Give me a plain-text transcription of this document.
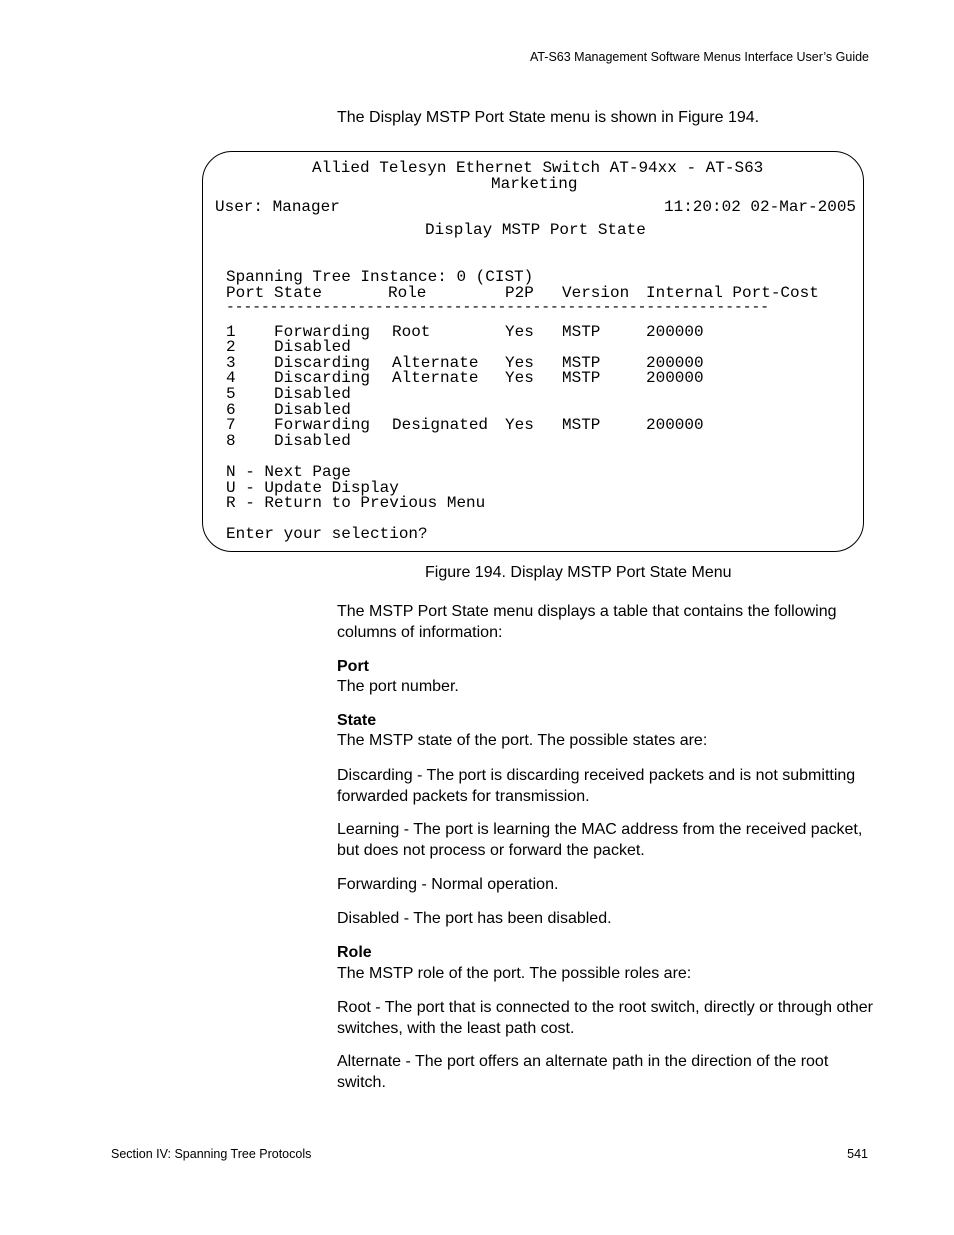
AT-S63 Management Software Menus Interface User’s Guide
The Display MSTP Port State menu is shown in Figure 194.
Allied Telesyn Ethernet Switch AT-94xx - AT-S63
Marketing
User: Manager	11:20:02 02-Mar-2005
Display MSTP Port State
Spanning Tree Instance: 0 (CIST)
Port State	Role	P2P Version Internal Port-Cost
--------------------------------------------------------------
1 Forwarding Root	Yes MSTP	200000
2 Disabled
3 Discarding Alternate Yes MSTP	200000
4 Discarding Alternate Yes MSTP	200000
5 Disabled
6 Disabled
7 Forwarding Designated Yes MSTP	200000
8 Disabled
N - Next Page
U - Update Display
R - Return to Previous Menu
Enter your selection?
Figure 194. Display MSTP Port State Menu
The MSTP Port State menu displays a table that contains the following columns of information:
Port
The port number.
State
The MSTP state of the port. The possible states are:
Discarding - The port is discarding received packets and is not submitting forwarded packets for transmission.
Learning - The port is learning the MAC address from the received packet, but does not process or forward the packet.
Forwarding - Normal operation.
Disabled - The port has been disabled.
Role
The MSTP role of the port. The possible roles are:
Root - The port that is connected to the root switch, directly or through other switches, with the least path cost.
Alternate - The port offers an alternate path in the direction of the root switch.
Section IV: Spanning Tree Protocols	541
